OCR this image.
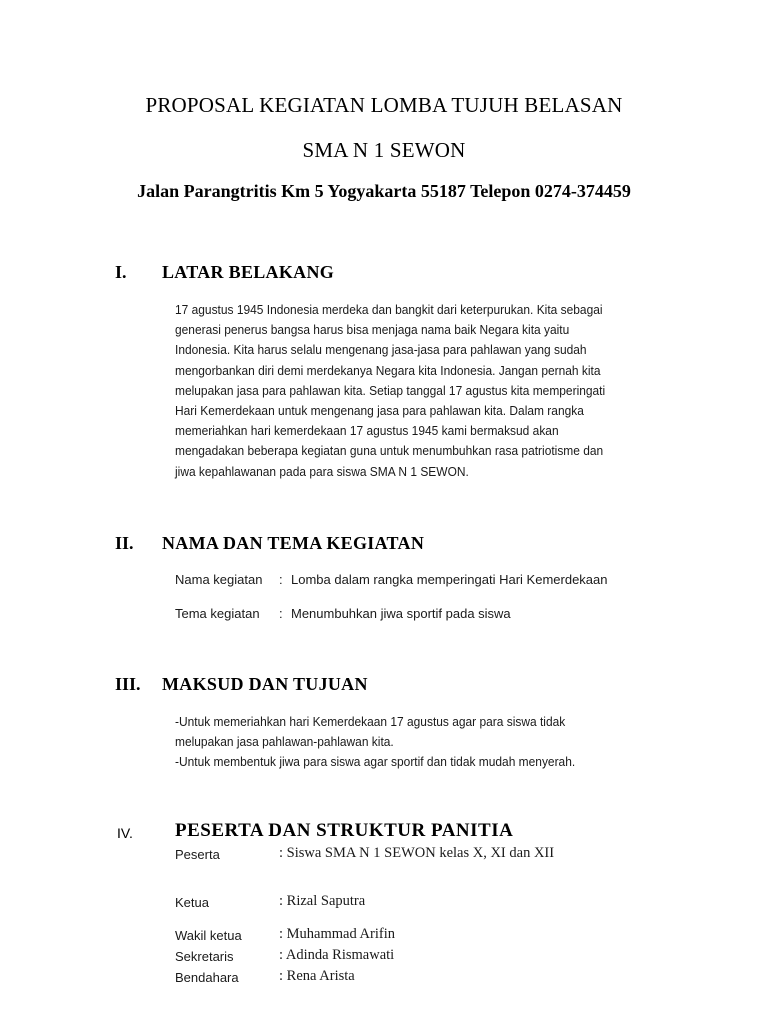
PROPOSAL KEGIATAN LOMBA TUJUH BELASAN
SMA N 1 SEWON
Jalan Parangtritis Km 5 Yogyakarta 55187 Telepon 0274-374459
I. LATAR BELAKANG
17 agustus 1945 Indonesia merdeka dan bangkit dari keterpurukan. Kita sebagai
generasi penerus bangsa harus bisa menjaga nama baik Negara kita yaitu
Indonesia. Kita harus selalu mengenang jasa-jasa para pahlawan yang sudah
mengorbankan diri demi merdekanya Negara kita Indonesia. Jangan pernah kita
melupakan jasa para pahlawan kita. Setiap tanggal 17 agustus kita memperingati
Hari Kemerdekaan untuk mengenang jasa para pahlawan kita. Dalam rangka
memeriahkan hari kemerdekaan 17 agustus 1945 kami bermaksud akan
mengadakan beberapa kegiatan guna untuk menumbuhkan rasa patriotisme dan
jiwa kepahlawanan pada para siswa SMA N 1 SEWON.
II. NAMA DAN TEMA KEGIATAN
Nama kegiatan : Lomba dalam rangka memperingati Hari Kemerdekaan
Tema kegiatan : Menumbuhkan jiwa sportif pada siswa
III. MAKSUD DAN TUJUAN
-Untuk memeriahkan hari Kemerdekaan 17 agustus agar para siswa tidak
melupakan jasa pahlawan-pahlawan kita.
-Untuk membentuk jiwa para siswa agar sportif dan tidak mudah menyerah.
IV. PESERTA DAN STRUKTUR PANITIA
Peserta	: Siswa SMA N 1 SEWON kelas X, XI dan XII
Ketua	: Rizal Saputra
Wakil ketua	: Muhammad Arifin
Sekretaris	: Adinda Rismawati
Bendahara	: Rena Arista
